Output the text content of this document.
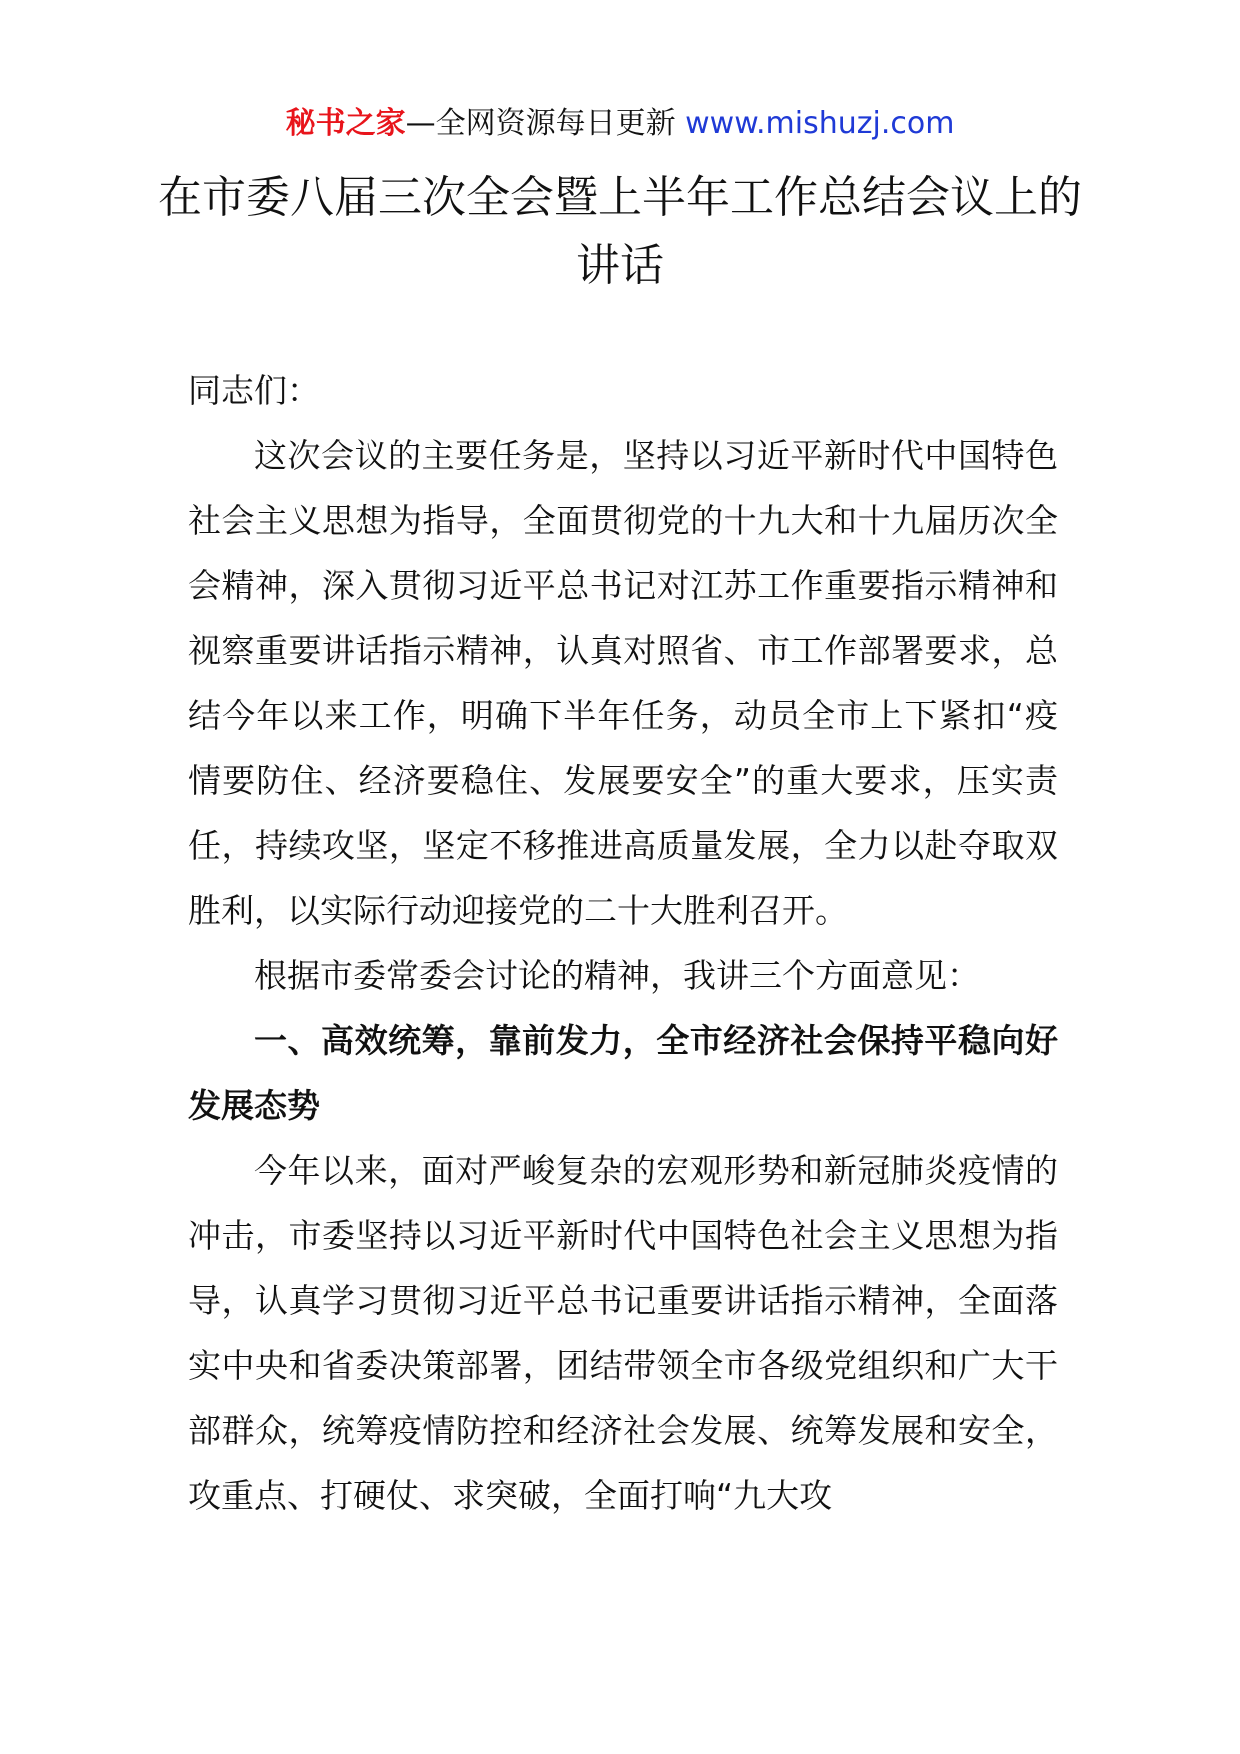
秘书之家—全网资源每日更新 www.mishuzj.com
在市委八届三次全会暨上半年工作总结会议上的讲话

同志们：

这次会议的主要任务是，坚持以习近平新时代中国特色社会主义思想为指导，全面贯彻党的十九大和十九届历次全会精神，深入贯彻习近平总书记对江苏工作重要指示精神和视察重要讲话指示精神，认真对照省、市工作部署要求，总结今年以来工作，明确下半年任务，动员全市上下紧扣“疫情要防住、经济要稳住、发展要安全”的重大要求，压实责任，持续攻坚，坚定不移推进高质量发展，全力以赴夺取双胜利，以实际行动迎接党的二十大胜利召开。

根据市委常委会讨论的精神，我讲三个方面意见：

一、高效统筹，靠前发力，全市经济社会保持平稳向好发展态势

今年以来，面对严峻复杂的宏观形势和新冠肺炎疫情的冲击，市委坚持以习近平新时代中国特色社会主义思想为指导，认真学习贯彻习近平总书记重要讲话指示精神，全面落实中央和省委决策部署，团结带领全市各级党组织和广大干部群众，统筹疫情防控和经济社会发展、统筹发展和安全，攻重点、打硬仗、求突破，全面打响“九大攻
